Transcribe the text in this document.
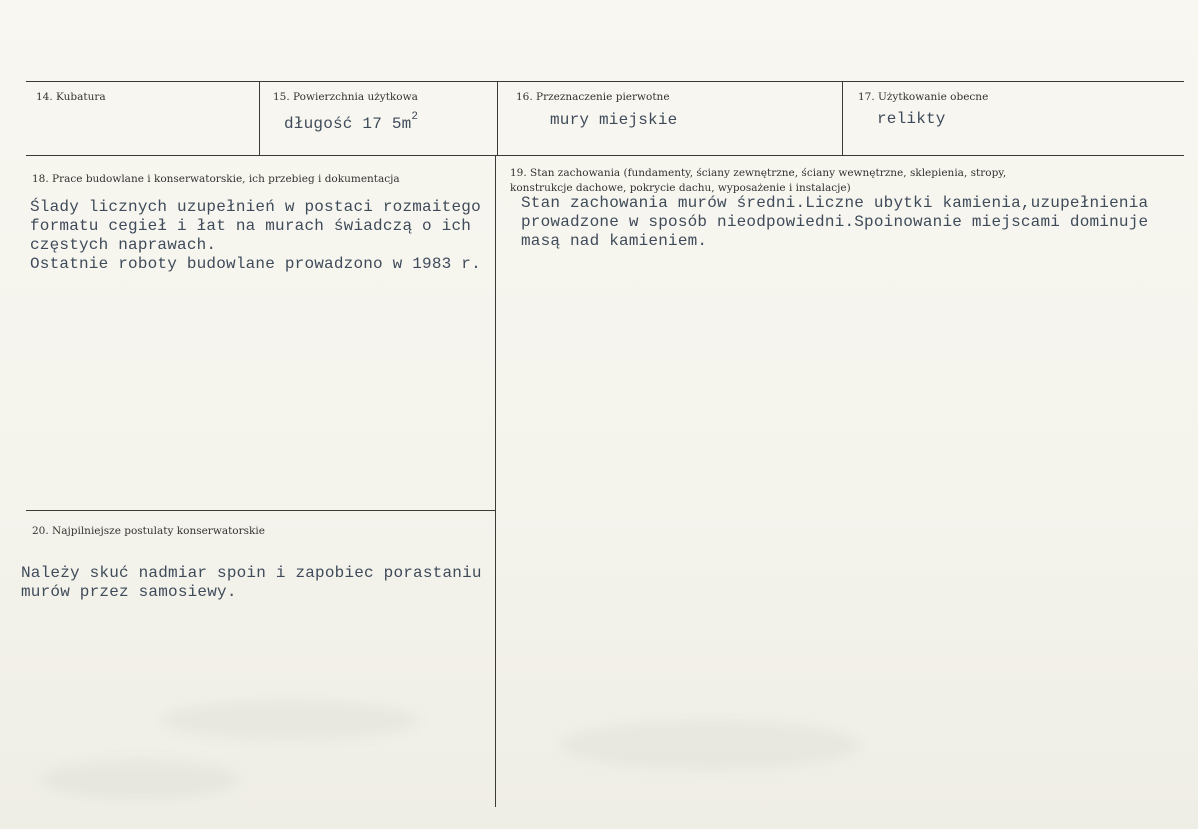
14. Kubatura	15. Powierzchnia użytkowa
długość 17 $5m^2$
16. Przeznaczenie pierwotne
mury miejskie
17. Użytkowanie obecne
relikty
18. Prace budowlane i konserwatorskie, ich przebieg i dokumentacja
Ślady licznych uzupełnień w postaci rozmaitego
formatu cegieł i łat na murach świadczą o ich
częstych naprawach.
Ostatnie roboty budowlane prowadzono w 1983 r.
19. Stan zachowania (fundamenty, ściany zewnętrzne, ściany wewnętrzne, sklepienia, stropy,
konstrukcje dachowe, pokrycie dachu, wyposażenie i instalacje)
Stan zachowania murów średni.Liczne ubytki kamienia,uzupełnienia
prowadzone w sposób nieodpowiedni.Spoinowanie miejscami dominuje
masą nad kamieniem.
20. Najpilniejsze postulaty konserwatorskie
Należy skuć nadmiar spoin i zapobiec porastaniu
murów przez samosiewy.
